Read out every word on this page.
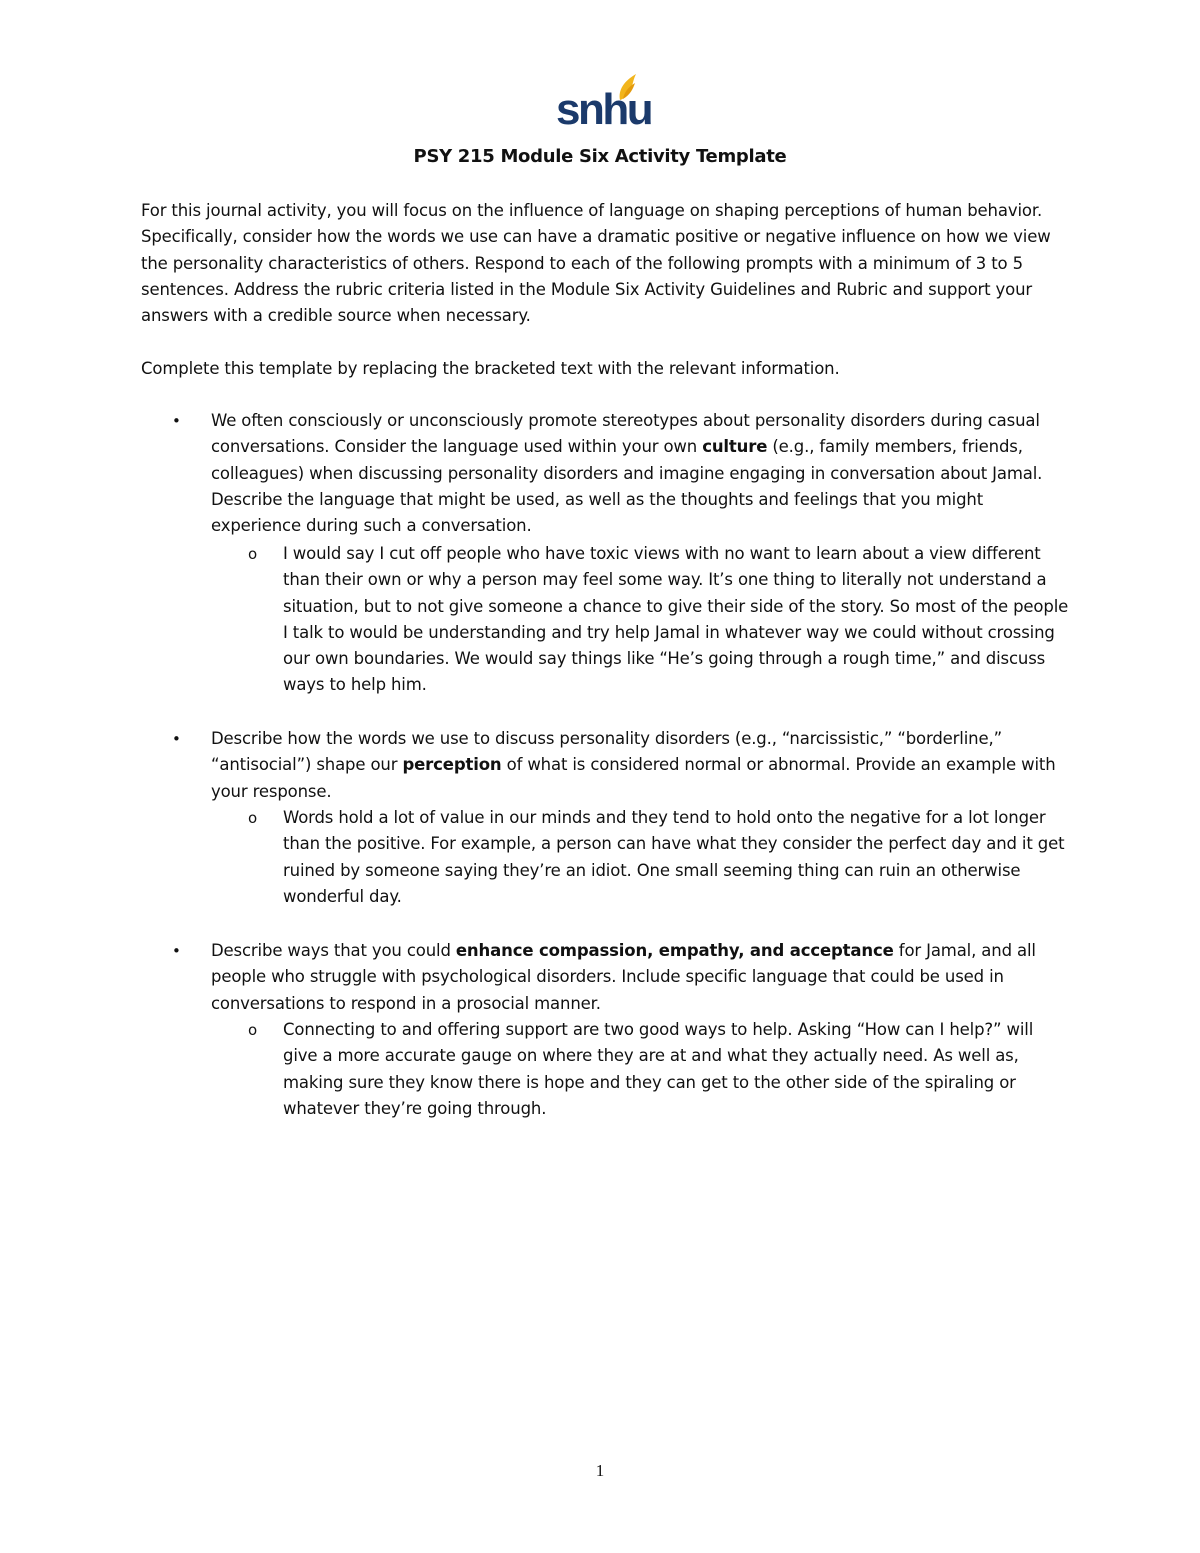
snhu
PSY 215 Module Six Activity Template

For this journal activity, you will focus on the influence of language on shaping perceptions of human behavior. Specifically, consider how the words we use can have a dramatic positive or negative influence on how we view the personality characteristics of others. Respond to each of the following prompts with a minimum of 3 to 5 sentences. Address the rubric criteria listed in the Module Six Activity Guidelines and Rubric and support your answers with a credible source when necessary.

Complete this template by replacing the bracketed text with the relevant information.

• We often consciously or unconsciously promote stereotypes about personality disorders during casual conversations. Consider the language used within your own culture (e.g., family members, friends, colleagues) when discussing personality disorders and imagine engaging in conversation about Jamal. Describe the language that might be used, as well as the thoughts and feelings that you might experience during such a conversation.

o I would say I cut off people who have toxic views with no want to learn about a view different than their own or why a person may feel some way. It’s one thing to literally not understand a situation, but to not give someone a chance to give their side of the story. So most of the people I talk to would be understanding and try help Jamal in whatever way we could without crossing our own boundaries. We would say things like “He’s going through a rough time,” and discuss ways to help him.

• Describe how the words we use to discuss personality disorders (e.g., “narcissistic,” “borderline,” “antisocial”) shape our perception of what is considered normal or abnormal. Provide an example with your response.

o Words hold a lot of value in our minds and they tend to hold onto the negative for a lot longer than the positive. For example, a person can have what they consider the perfect day and it get ruined by someone saying they’re an idiot. One small seeming thing can ruin an otherwise wonderful day.

• Describe ways that you could enhance compassion, empathy, and acceptance for Jamal, and all people who struggle with psychological disorders. Include specific language that could be used in conversations to respond in a prosocial manner.

o Connecting to and offering support are two good ways to help. Asking “How can I help?” will give a more accurate gauge on where they are at and what they actually need. As well as, making sure they know there is hope and they can get to the other side of the spiraling or whatever they’re going through.

1
